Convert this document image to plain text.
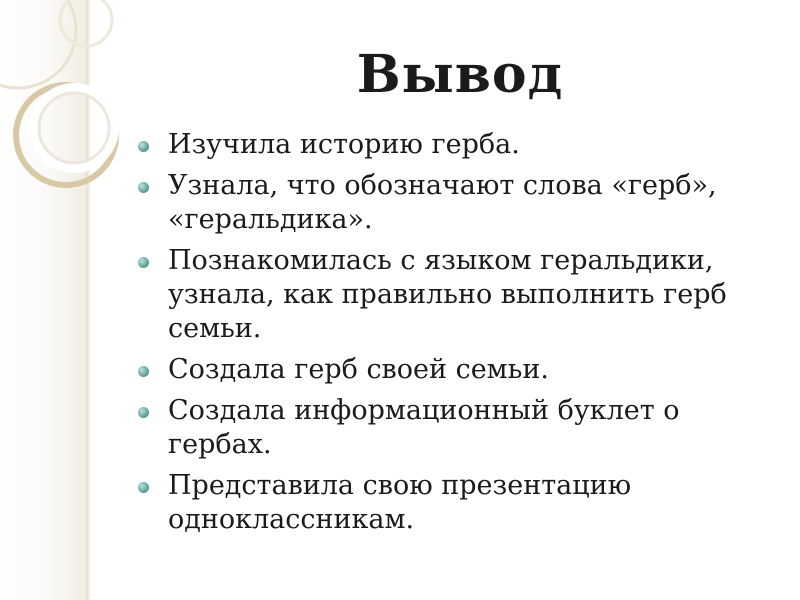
Вывод
Изучила историю герба.
Узнала, что обозначают слова «герб», «геральдика».
Познакомилась с языком геральдики, узнала, как правильно выполнить герб семьи.
Создала герб своей семьи.
Создала информационный буклет о гербах.
Представила свою презентацию одноклассникам.
